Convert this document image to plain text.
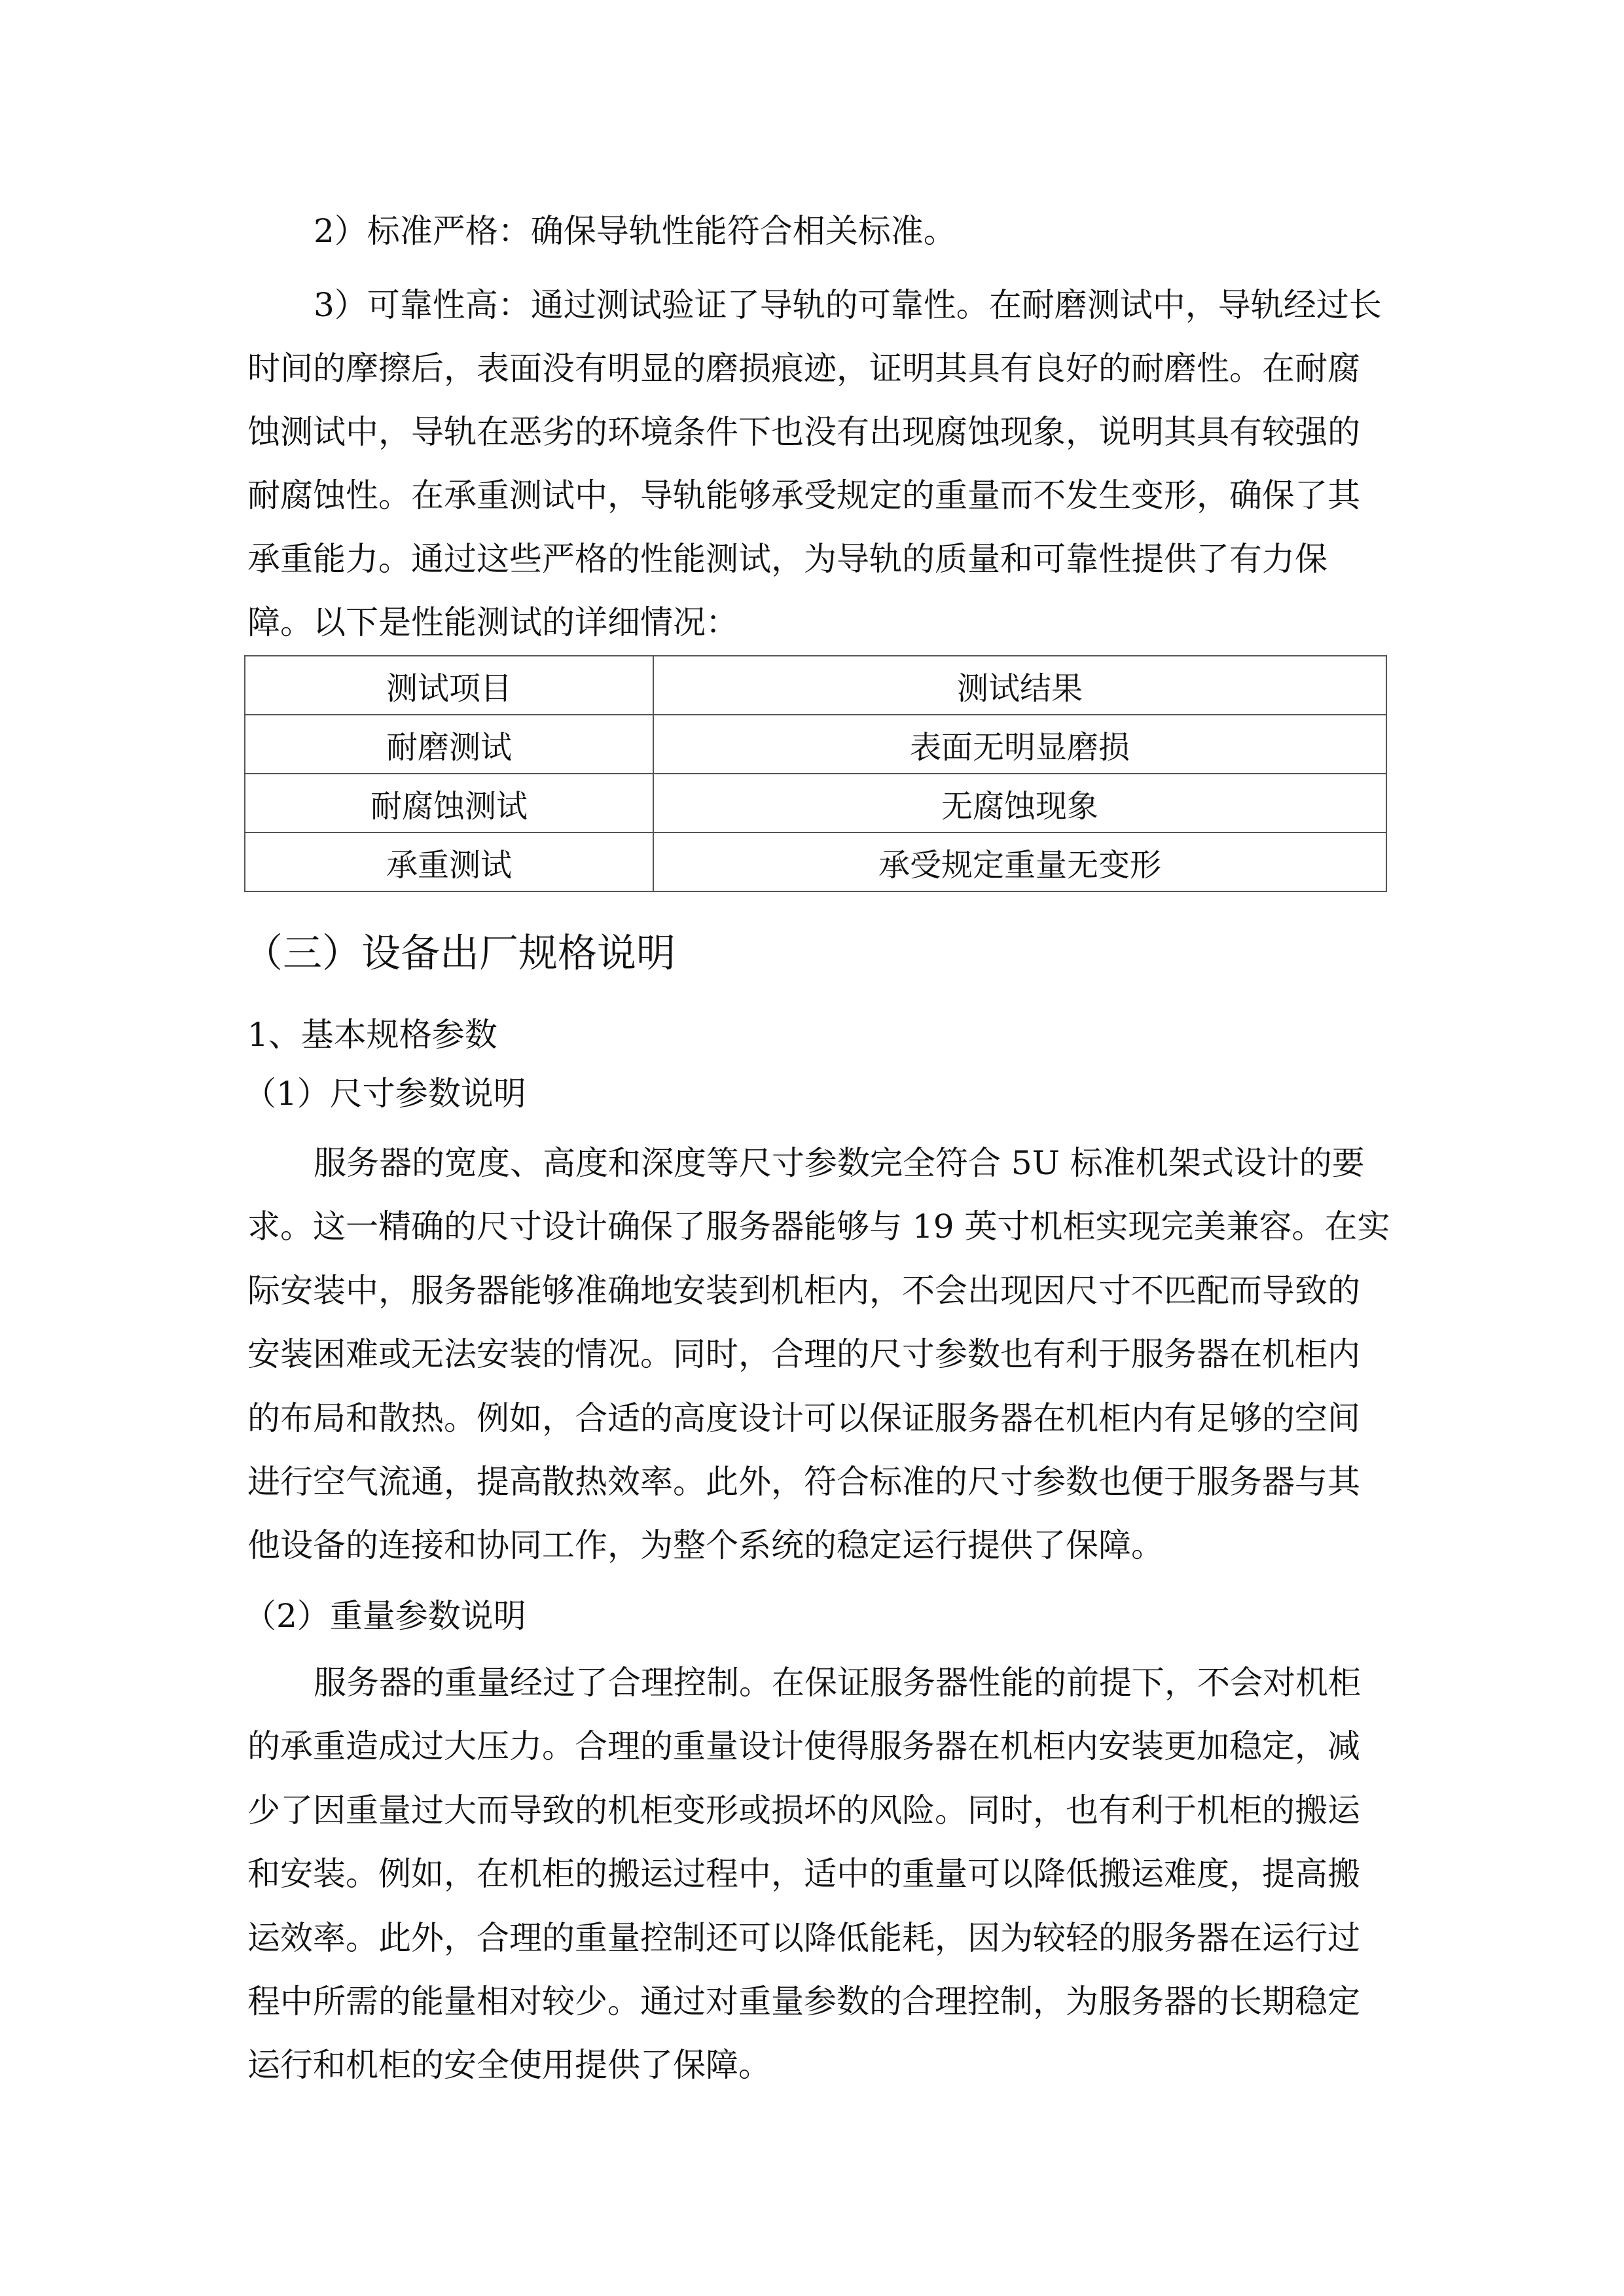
2）标准严格：确保导轨性能符合相关标准。
3）可靠性高：通过测试验证了导轨的可靠性。在耐磨测试中，导轨经过长
时间的摩擦后，表面没有明显的磨损痕迹，证明其具有良好的耐磨性。在耐腐
蚀测试中，导轨在恶劣的环境条件下也没有出现腐蚀现象，说明其具有较强的
耐腐蚀性。在承重测试中，导轨能够承受规定的重量而不发生变形，确保了其
承重能力。通过这些严格的性能测试，为导轨的质量和可靠性提供了有力保
障。以下是性能测试的详细情况：
测试项目	测试结果
耐磨测试	表面无明显磨损
耐腐蚀测试	无腐蚀现象
承重测试	承受规定重量无变形
（三）设备出厂规格说明
1、基本规格参数
（1）尺寸参数说明
服务器的宽度、高度和深度等尺寸参数完全符合 5U 标准机架式设计的要
求。这一精确的尺寸设计确保了服务器能够与 19 英寸机柜实现完美兼容。在实
际安装中，服务器能够准确地安装到机柜内，不会出现因尺寸不匹配而导致的
安装困难或无法安装的情况。同时，合理的尺寸参数也有利于服务器在机柜内
的布局和散热。例如，合适的高度设计可以保证服务器在机柜内有足够的空间
进行空气流通，提高散热效率。此外，符合标准的尺寸参数也便于服务器与其
他设备的连接和协同工作，为整个系统的稳定运行提供了保障。
（2）重量参数说明
服务器的重量经过了合理控制。在保证服务器性能的前提下，不会对机柜
的承重造成过大压力。合理的重量设计使得服务器在机柜内安装更加稳定，减
少了因重量过大而导致的机柜变形或损坏的风险。同时，也有利于机柜的搬运
和安装。例如，在机柜的搬运过程中，适中的重量可以降低搬运难度，提高搬
运效率。此外，合理的重量控制还可以降低能耗，因为较轻的服务器在运行过
程中所需的能量相对较少。通过对重量参数的合理控制，为服务器的长期稳定
运行和机柜的安全使用提供了保障。
